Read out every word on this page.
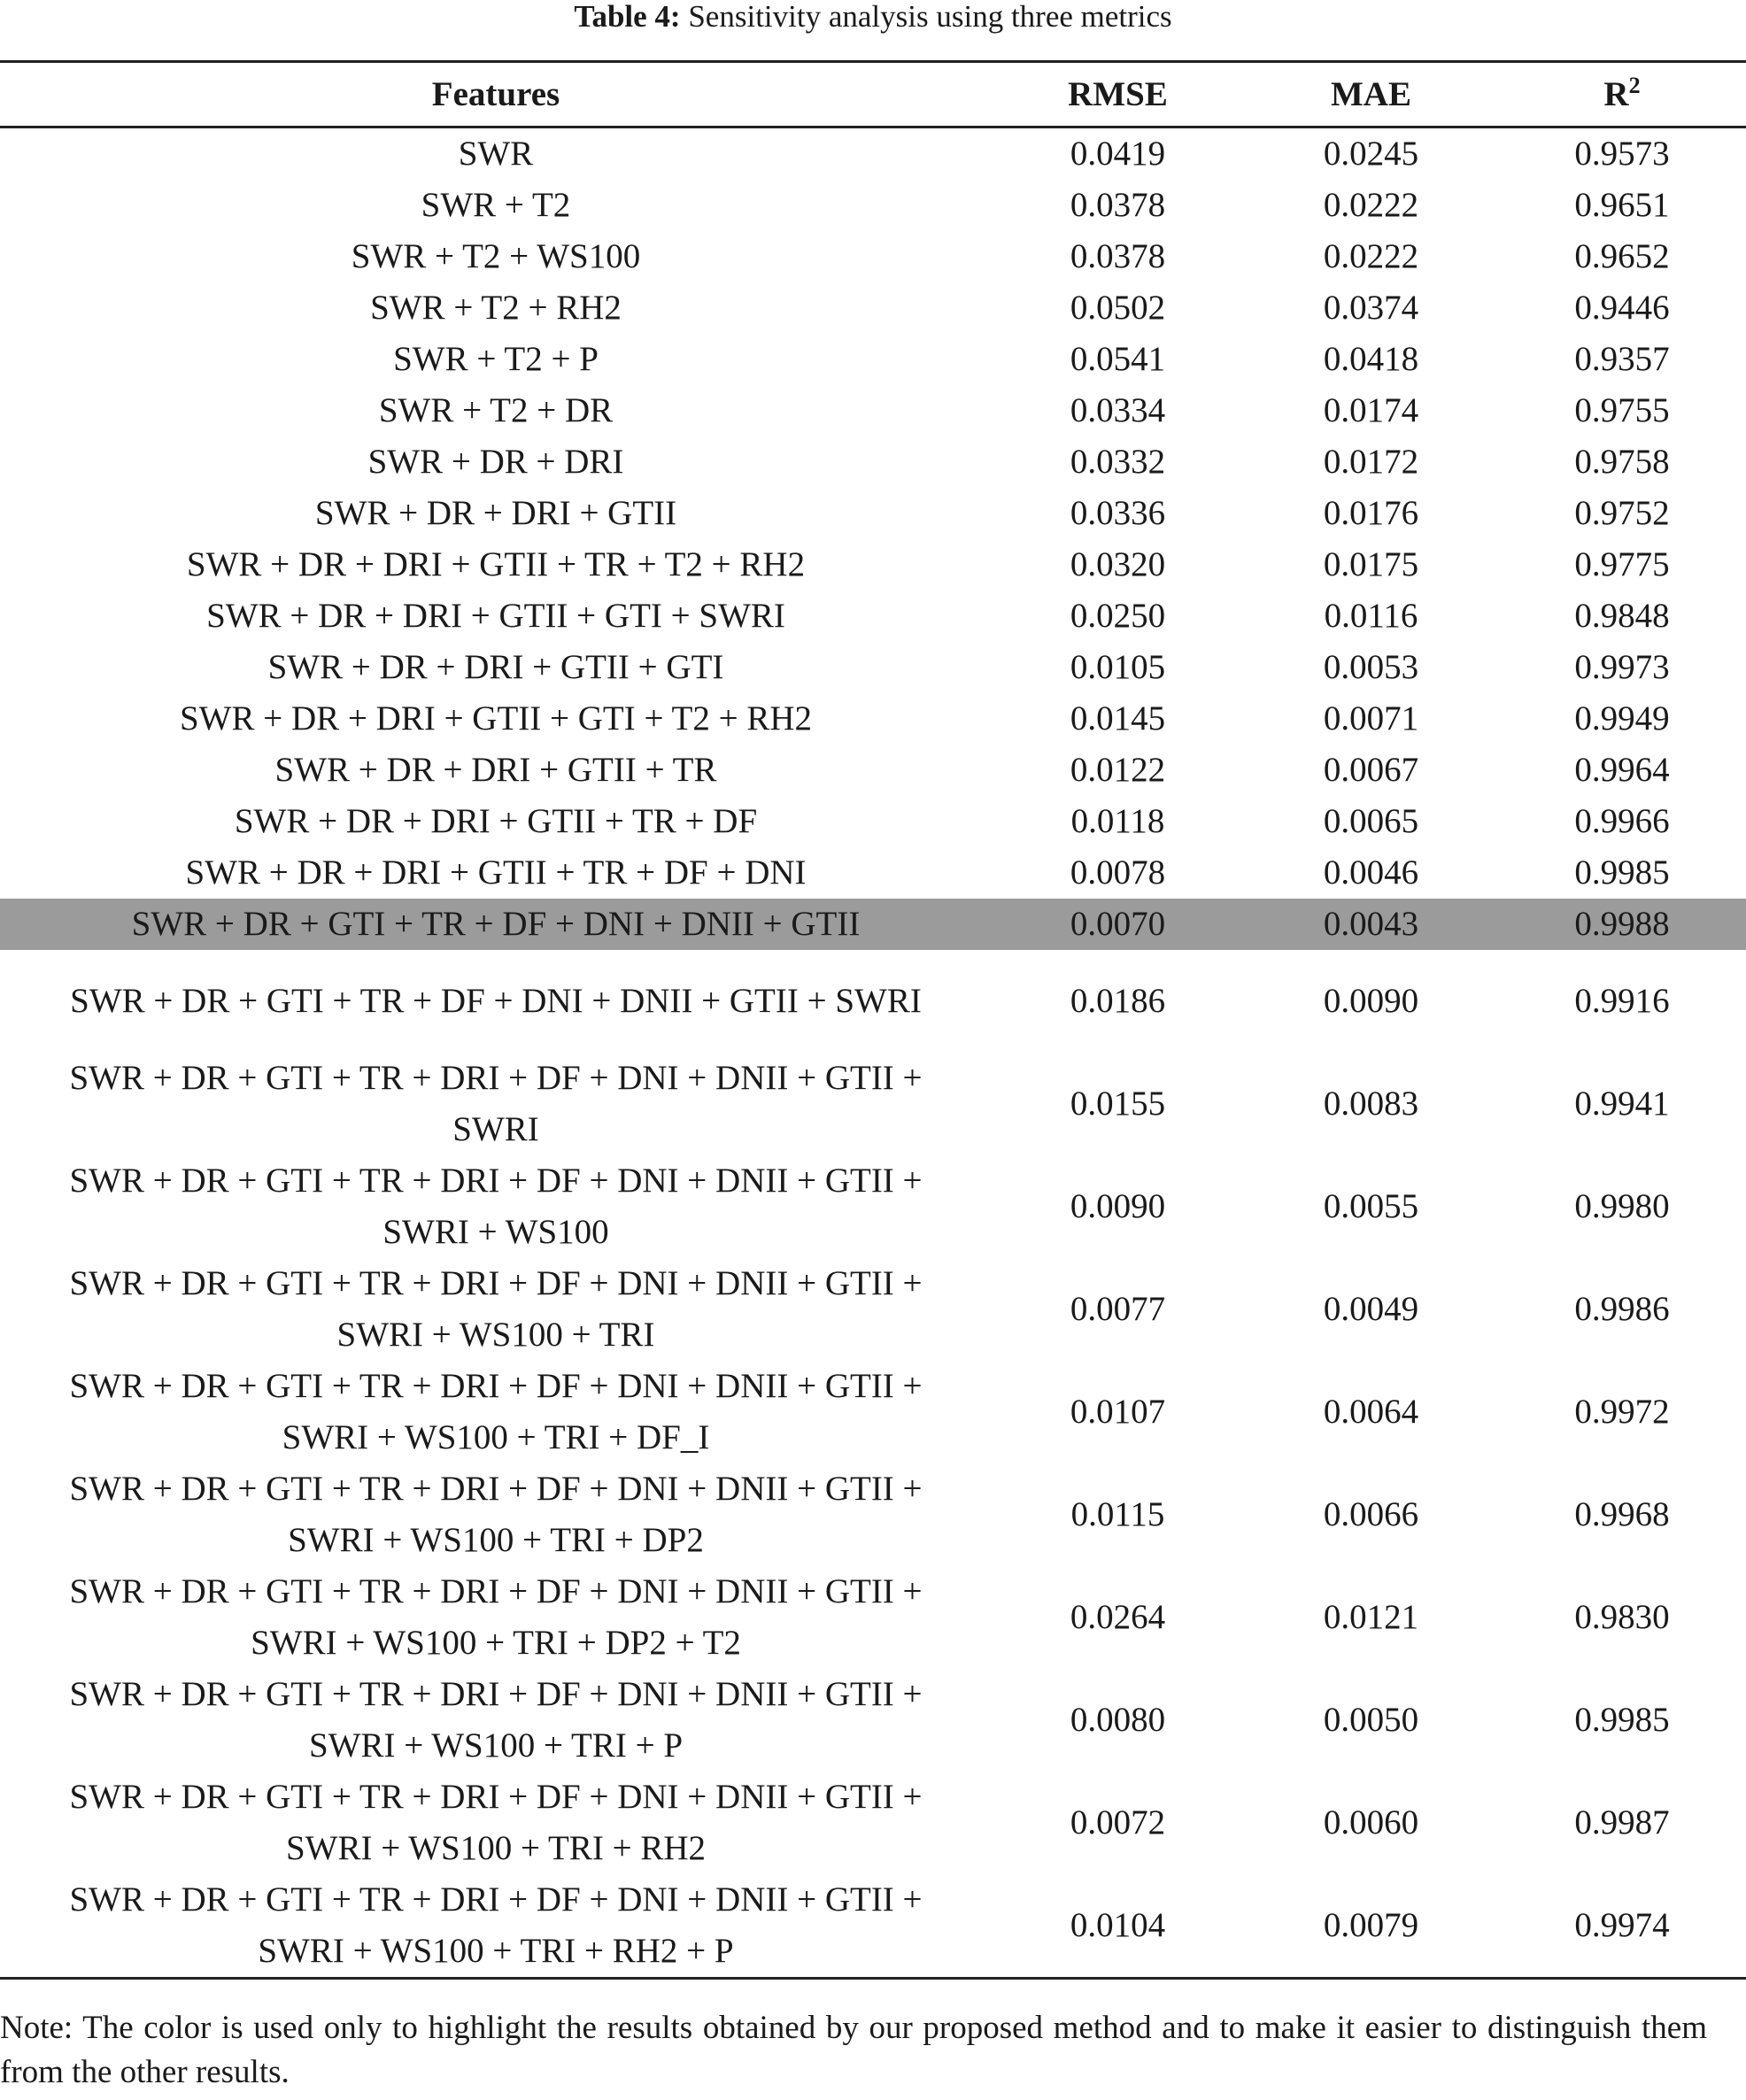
Table 4: Sensitivity analysis using three metrics
Features	RMSE	MAE	$R^2$
SWR	0.0419	0.0245	0.9573
SWR + T2	0.0378	0.0222	0.9651
SWR + T2 + WS100	0.0378	0.0222	0.9652
SWR + T2 + RH2	0.0502	0.0374	0.9446
SWR + T2 + P	0.0541	0.0418	0.9357
SWR + T2 + DR	0.0334	0.0174	0.9755
SWR + DR + DRI	0.0332	0.0172	0.9758
SWR + DR + DRI + GTII	0.0336	0.0176	0.9752
SWR + DR + DRI + GTII + TR + T2 + RH2	0.0320	0.0175	0.9775
SWR + DR + DRI + GTII + GTI + SWRI	0.0250	0.0116	0.9848
SWR + DR + DRI + GTII + GTI	0.0105	0.0053	0.9973
SWR + DR + DRI + GTII + GTI + T2 + RH2	0.0145	0.0071	0.9949
SWR + DR + DRI + GTII + TR	0.0122	0.0067	0.9964
SWR + DR + DRI + GTII + TR + DF	0.0118	0.0065	0.9966
SWR + DR + DRI + GTII + TR + DF + DNI	0.0078	0.0046	0.9985
SWR + DR + GTI + TR + DF + DNI + DNII + GTII	0.0070	0.0043	0.9988
SWR + DR + GTI + TR + DF + DNI + DNII + GTII + SWRI	0.0186	0.0090	0.9916
SWR + DR + GTI + TR + DRI + DF + DNI + DNII + GTII + SWRI	0.0155	0.0083	0.9941
SWR + DR + GTI + TR + DRI + DF + DNI + DNII + GTII + SWRI + WS100	0.0090	0.0055	0.9980
SWR + DR + GTI + TR + DRI + DF + DNI + DNII + GTII + SWRI + WS100 + TRI	0.0077	0.0049	0.9986
SWR + DR + GTI + TR + DRI + DF + DNI + DNII + GTII + SWRI + WS100 + TRI + DF_I	0.0107	0.0064	0.9972
SWR + DR + GTI + TR + DRI + DF + DNI + DNII + GTII + SWRI + WS100 + TRI + DP2	0.0115	0.0066	0.9968
SWR + DR + GTI + TR + DRI + DF + DNI + DNII + GTII + SWRI + WS100 + TRI + DP2 + T2	0.0264	0.0121	0.9830
SWR + DR + GTI + TR + DRI + DF + DNI + DNII + GTII + SWRI + WS100 + TRI + P	0.0080	0.0050	0.9985
SWR + DR + GTI + TR + DRI + DF + DNI + DNII + GTII + SWRI + WS100 + TRI + RH2	0.0072	0.0060	0.9987
SWR + DR + GTI + TR + DRI + DF + DNI + DNII + GTII + SWRI + WS100 + TRI + RH2 + P	0.0104	0.0079	0.9974
Note: The color is used only to highlight the results obtained by our proposed method and to make it easier to distinguish them from the other results.
